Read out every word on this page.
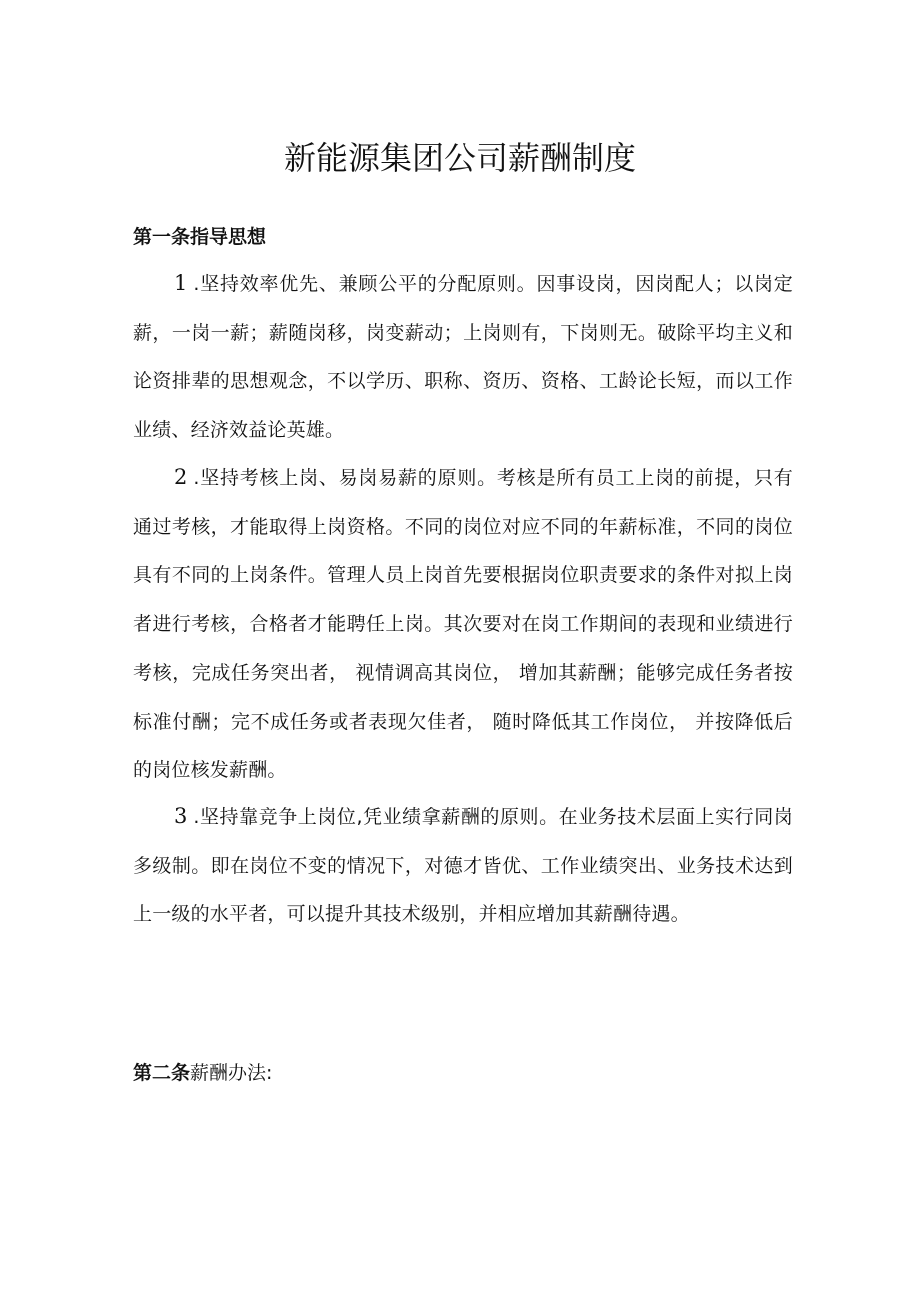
新能源集团公司薪酬制度
第一条指导思想

1.坚持效率优先、兼顾公平的分配原则。因事设岗，因岗配人；以岗定薪，一岗一薪；薪随岗移，岗变薪动；上岗则有，下岗则无。破除平均主义和论资排辈的思想观念，不以学历、职称、资历、资格、工龄论长短，而以工作业绩、经济效益论英雄。

2.坚持考核上岗、易岗易薪的原则。考核是所有员工上岗的前提，只有通过考核，才能取得上岗资格。不同的岗位对应不同的年薪标准，不同的岗位具有不同的上岗条件。管理人员上岗首先要根据岗位职责要求的条件对拟上岗者进行考核，合格者才能聘任上岗。其次要对在岗工作期间的表现和业绩进行考核，完成任务突出者， 视情调高其岗位， 增加其薪酬；能够完成任务者按标准付酬；完不成任务或者表现欠佳者， 随时降低其工作岗位， 并按降低后的岗位核发薪酬。

3.坚持靠竞争上岗位,凭业绩拿薪酬的原则。在业务技术层面上实行同岗多级制。即在岗位不变的情况下，对德才皆优、工作业绩突出、业务技术达到上一级的水平者，可以提升其技术级别，并相应增加其薪酬待遇。

第二条薪酬办法:
